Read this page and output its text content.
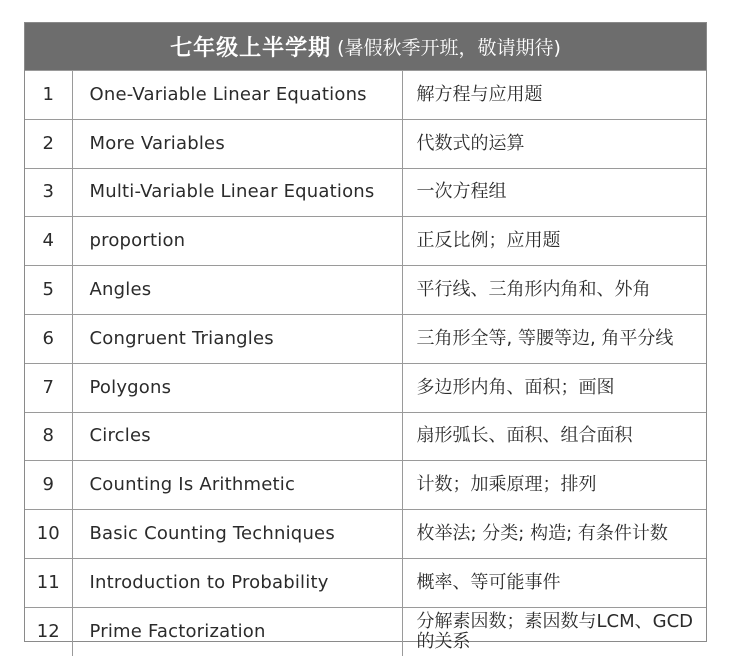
七年级上半学期 (暑假秋季开班，敬请期待)
1	One-Variable Linear Equations	解方程与应用题
2	More Variables	代数式的运算
3	Multi-Variable Linear Equations	一次方程组
4	proportion	正反比例；应用题
5	Angles	平行线、三角形内角和、外角
6	Congruent Triangles	三角形全等, 等腰等边, 角平分线
7	Polygons	多边形内角、面积；画图
8	Circles	扇形弧长、面积、组合面积
9	Counting Is Arithmetic	计数；加乘原理；排列
10	Basic Counting Techniques	枚举法; 分类; 构造; 有条件计数
11	Introduction to Probability	概率、等可能事件
12	Prime Factorization	分解素因数；素因数与LCM、GCD的关系
